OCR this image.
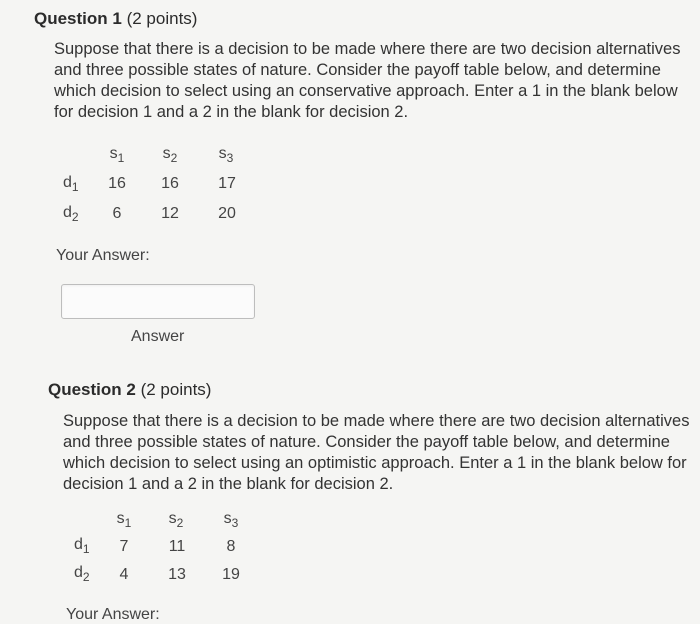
Question 1 (2 points)
Suppose that there is a decision to be made where there are two decision alternatives and three possible states of nature. Consider the payoff table below, and determine which decision to select using an conservative approach. Enter a 1 in the blank below for decision 1 and a 2 in the blank for decision 2.
$s_1$ $s_2$	$s_3$
$d_1$ 16 16 17
$d_2$ 6 12 20
Your Answer:
Answer
Question 2 (2 points)
Suppose that there is a decision to be made where there are two decision alternatives and three possible states of nature. Consider the payoff table below, and determine which decision to select using an optimistic approach. Enter a 1 in the blank below for decision 1 and a 2 in the blank for decision 2.
$s_1$ $s_2$	$s_3$
$d_1$ 7	11	8
$d_2$ 4 13 19
Your Answer:
